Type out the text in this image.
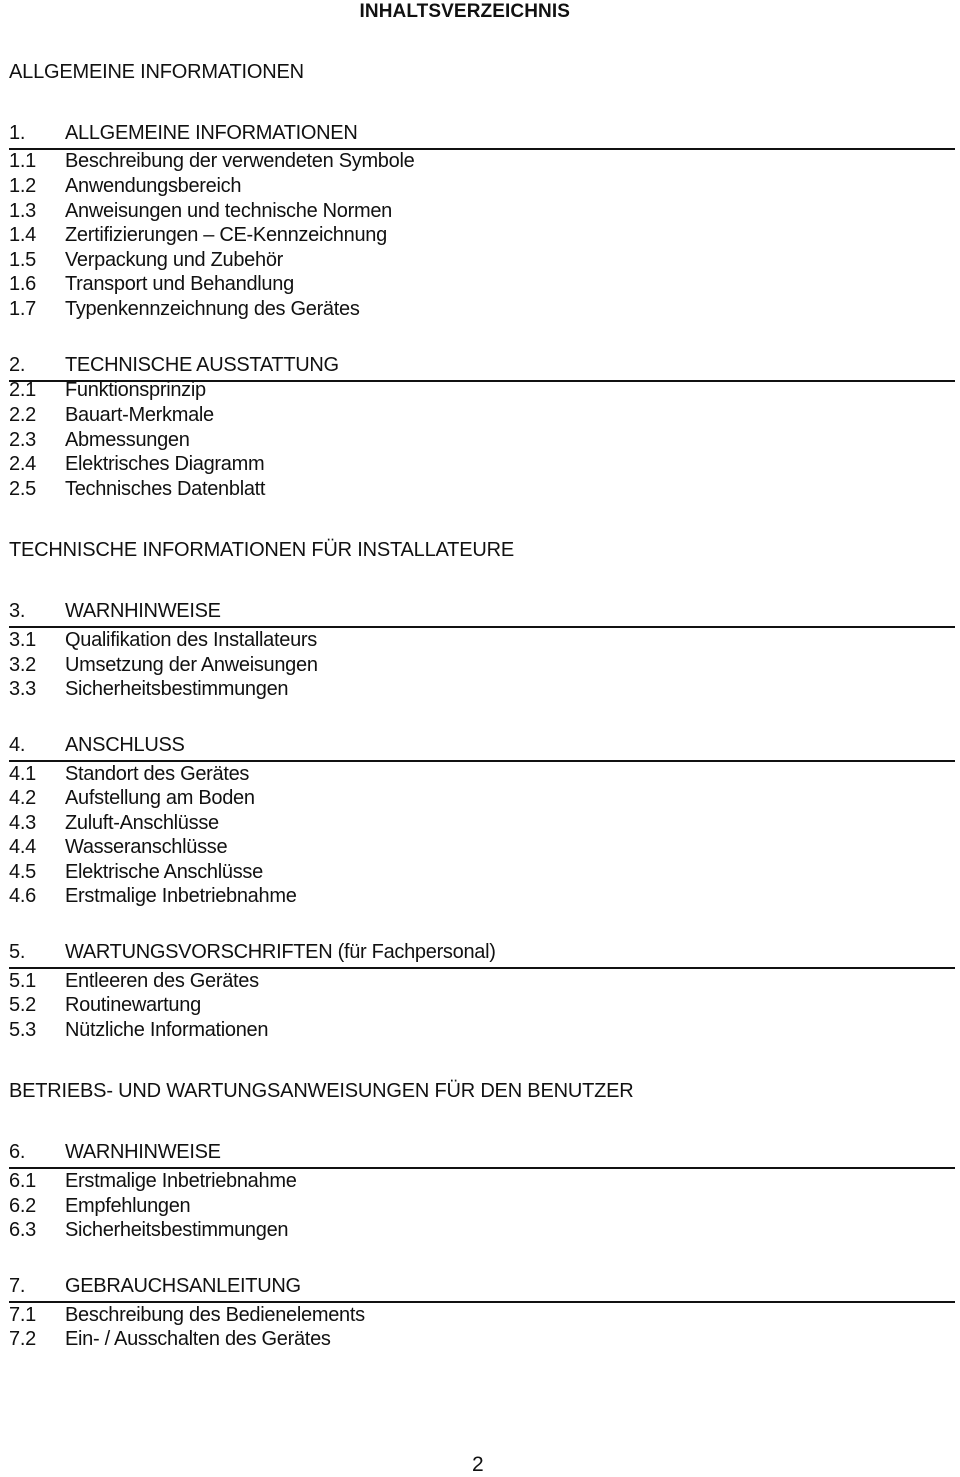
INHALTSVERZEICHNIS
ALLGEMEINE INFORMATIONEN
1. ALLGEMEINE INFORMATIONEN
1.1 Beschreibung der verwendeten Symbole
1.2 Anwendungsbereich
1.3 Anweisungen und technische Normen
1.4 Zertifizierungen – CE-Kennzeichnung
1.5 Verpackung und Zubehör
1.6 Transport und Behandlung
1.7 Typenkennzeichnung des Gerätes
2. TECHNISCHE AUSSTATTUNG
2.1 Funktionsprinzip
2.2 Bauart-Merkmale
2.3 Abmessungen
2.4 Elektrisches Diagramm
2.5 Technisches Datenblatt
TECHNISCHE INFORMATIONEN FÜR INSTALLATEURE
3. WARNHINWEISE
3.1 Qualifikation des Installateurs
3.2 Umsetzung der Anweisungen
3.3 Sicherheitsbestimmungen
4. ANSCHLUSS
4.1 Standort des Gerätes
4.2 Aufstellung am Boden
4.3 Zuluft-Anschlüsse
4.4 Wasseranschlüsse
4.5 Elektrische Anschlüsse
4.6 Erstmalige Inbetriebnahme
5. WARTUNGSVORSCHRIFTEN (für Fachpersonal)
5.1 Entleeren des Gerätes
5.2 Routinewartung
5.3 Nützliche Informationen
BETRIEBS- UND WARTUNGSANWEISUNGEN FÜR DEN BENUTZER
6. WARNHINWEISE
6.1 Erstmalige Inbetriebnahme
6.2 Empfehlungen
6.3 Sicherheitsbestimmungen
7. GEBRAUCHSANLEITUNG
7.1 Beschreibung des Bedienelements
7.2 Ein- / Ausschalten des Gerätes
2
